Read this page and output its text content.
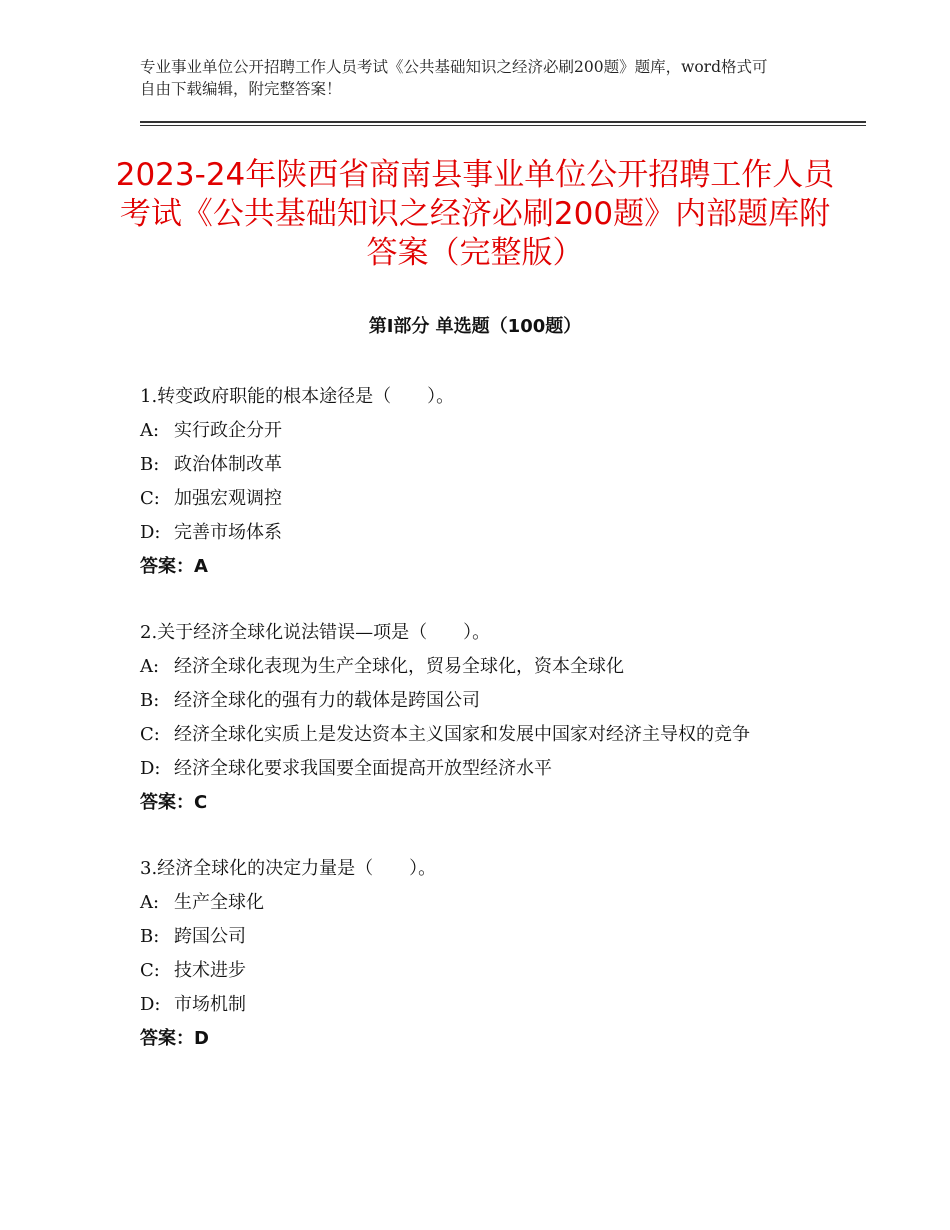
专业事业单位公开招聘工作人员考试《公共基础知识之经济必刷200题》题库，word格式可自由下载编辑，附完整答案！
2023-24年陕西省商南县事业单位公开招聘工作人员考试《公共基础知识之经济必刷200题》内部题库附答案（完整版）
第Ⅰ部分 单选题（100题）
1.转变政府职能的根本途径是（　　）。
A: 实行政企分开
B: 政治体制改革
C: 加强宏观调控
D: 完善市场体系
答案：A
2.关于经济全球化说法错误—项是（　　）。
A: 经济全球化表现为生产全球化，贸易全球化，资本全球化
B: 经济全球化的强有力的载体是跨国公司
C: 经济全球化实质上是发达资本主义国家和发展中国家对经济主导权的竞争
D: 经济全球化要求我国要全面提高开放型经济水平
答案：C
3.经济全球化的决定力量是（　　）。
A: 生产全球化
B: 跨国公司
C: 技术进步
D: 市场机制
答案：D
